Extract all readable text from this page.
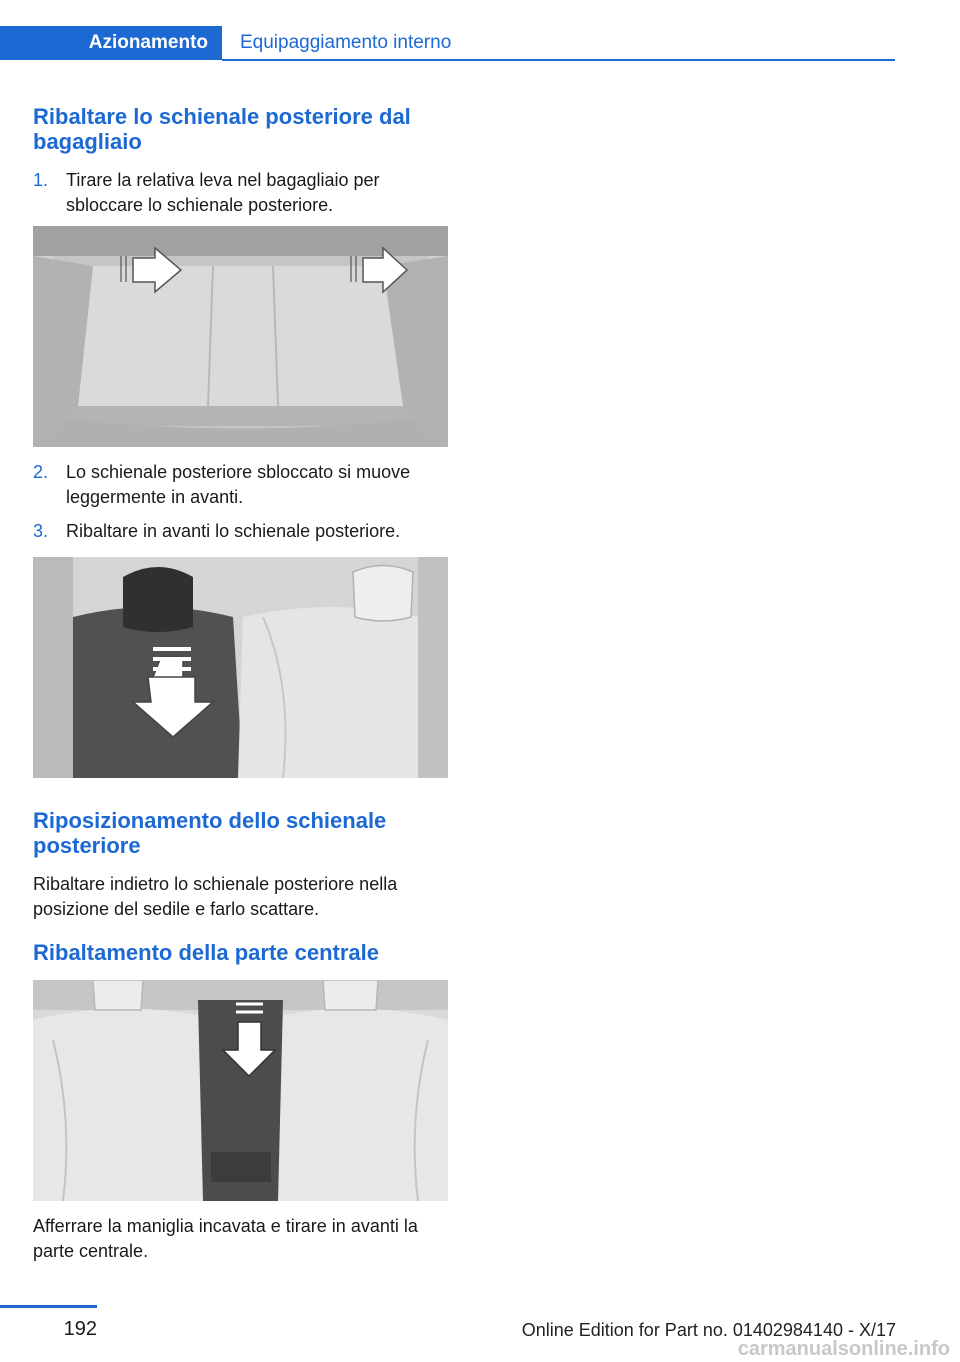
Azionamento	Equipaggiamento interno
Ribaltare lo schienale posteriore dal bagagliaio
1. Tirare la relativa leva nel bagagliaio per sbloccare lo schienale posteriore.
2. Lo schienale posteriore sbloccato si muove leggermente in avanti.
3. Ribaltare in avanti lo schienale posteriore.
Riposizionamento dello schienale posteriore

Ribaltare indietro lo schienale posteriore nella posizione del sedile e farlo scattare.

Ribaltamento della parte centrale

Afferrare la maniglia incavata e tirare in avanti la parte centrale.

192	Online Edition for Part no. 01402984140 - X/17
carmanualsonline.info
